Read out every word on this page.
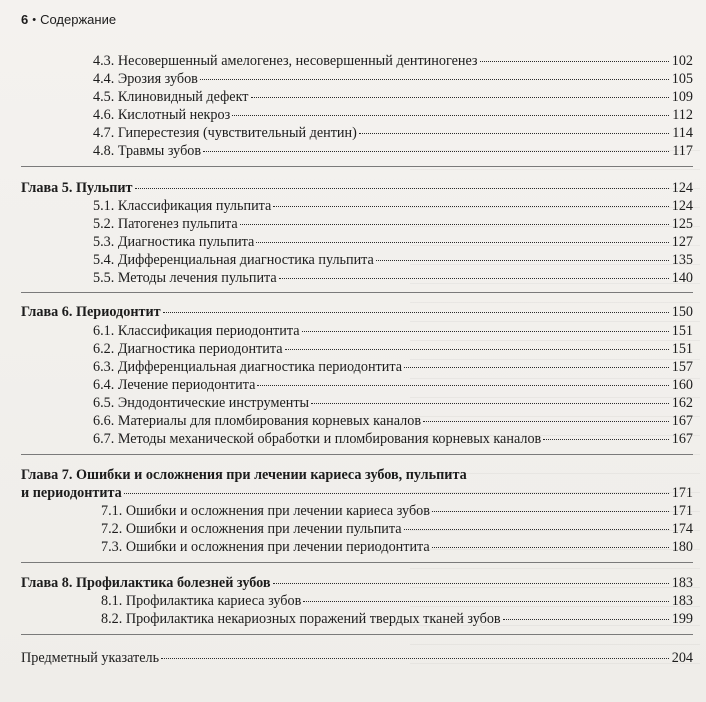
6 • Содержание
4.3. Несовершенный амелогенез, несовершенный дентиногенез	102
4.4. Эрозия зубов	105
4.5. Клиновидный дефект	109
4.6. Кислотный некроз	112
4.7. Гиперестезия (чувствительный дентин)	114
4.8. Травмы зубов	117
Глава 5. Пульпит	124
5.1. Классификация пульпита	124
5.2. Патогенез пульпита	125
5.3. Диагностика пульпита	127
5.4. Дифференциальная диагностика пульпита	135
5.5. Методы лечения пульпита	140
Глава 6. Периодонтит	150
6.1. Классификация периодонтита	151
6.2. Диагностика периодонтита	151
6.3. Дифференциальная диагностика периодонтита	157
6.4. Лечение периодонтита	160
6.5. Эндодонтические инструменты	162
6.6. Материалы для пломбирования корневых каналов	167
6.7. Методы механической обработки и пломбирования корневых каналов	167
Глава 7. Ошибки и осложнения при лечении кариеса зубов, пульпита
и периодонтита	171
7.1. Ошибки и осложнения при лечении кариеса зубов	171
7.2. Ошибки и осложнения при лечении пульпита	174
7.3. Ошибки и осложнения при лечении периодонтита	180
Глава 8. Профилактика болезней зубов	183
8.1. Профилактика кариеса зубов	183
8.2. Профилактика некариозных поражений твердых тканей зубов	199
Предметный указатель	204
